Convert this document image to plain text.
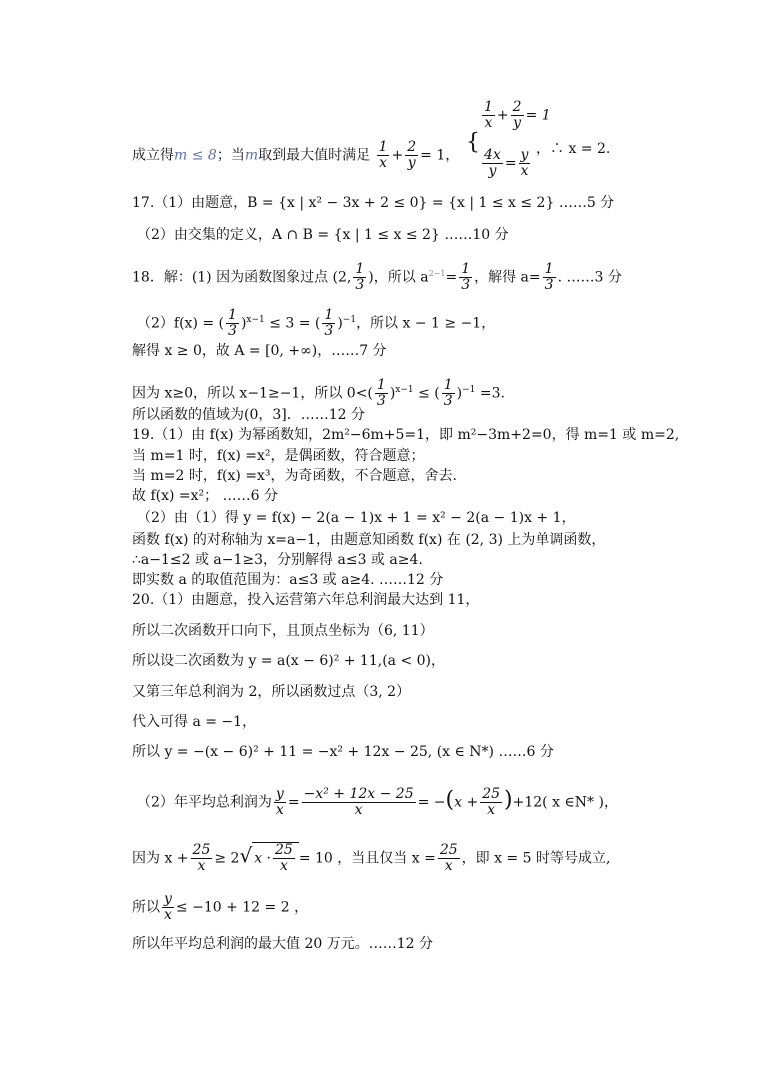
成立得m ≤ 8；当m取到最大值时满足 $\frac{1}{x} + \frac{2}{y} = 1$，
{
$\frac{1}{x} + \frac{2}{y} = 1$
$\frac{4x}{y} = \frac{y}{x}$ ，∴ x = 2.
17.（1）由题意，B = {x | x² − 3x + 2 ≤ 0} = {x | 1 ≤ x ≤ 2} ……5 分
（2）由交集的定义，A ∩ B = {x | 1 ≤ x ≤ 2} ……10 分
18．解：(1) 因为函数图象过点 (2, $\frac{1}{3}$ )，所以 $a^{2-1}= \frac{1}{3}$ ，解得 $a= \frac{1}{3}$ . ……3 分
（2）f(x) = ( $\frac{1}{3} )^{x-1} \le 3$ = ( $\frac{1}{3} )^{-1}$，所以 x − 1 ≥ −1，
解得 x ≥ 0，故 A = [0, +∞)，……7 分
因为 x≥0，所以 x−1≥−1，所以 $0<( \frac{1}{3} )^{x-1}$ ≤ ( $\frac{1}{3} )^{-1} =3$.
所以函数的值域为(0，3]．……12 分
19.（1）由 f(x) 为幂函数知，2m²−6m+5=1，即 m²−3m+2=0，得 m=1 或 m=2,
当 m=1 时，f(x) =x²，是偶函数，符合题意；
当 m=2 时，f(x) =x³，为奇函数，不合题意，舍去.
故 f(x) =x²； ……6 分
（2）由（1）得 y = f(x) − 2(a − 1)x + 1 = x² − 2(a − 1)x + 1，
函数 f(x) 的对称轴为 x=a−1，由题意知函数 f(x) 在 (2, 3) 上为单调函数，
∴a−1≤2 或 a−1≥3，分别解得 a≤3 或 a≥4.
即实数 a 的取值范围为：a≤3 或 a≥4. ……12 分
20.（1）由题意，投入运营第六年总利润最大达到 11，
所以二次函数开口向下，且顶点坐标为（6, 11）
所以设二次函数为 y = a(x − 6)² + 11,(a < 0)，
又第三年总利润为 2，所以函数过点（3, 2）
代入可得 a = −1，
所以 y = −(x − 6)² + 11 = −x² + 12x − 25, (x ∈ N*) ……6 分
（2）年平均总利润为 $\frac{y}{x} = \frac{\text{−x² + 12x − 25}}{x} = -(x + \frac{25}{x} )+12$( x ∈N* )，
因为 $x + \frac{25}{x} \ge 2√$ $x \cdot \frac{25}{x} = 10$ ，当且仅当 $x = \frac{25}{x}$ ，即 x = 5 时等号成立,
所以 $\frac{y}{x} \le -10 + 12 = 2$ ，
所以年平均总利润的最大值 20 万元。……12 分
